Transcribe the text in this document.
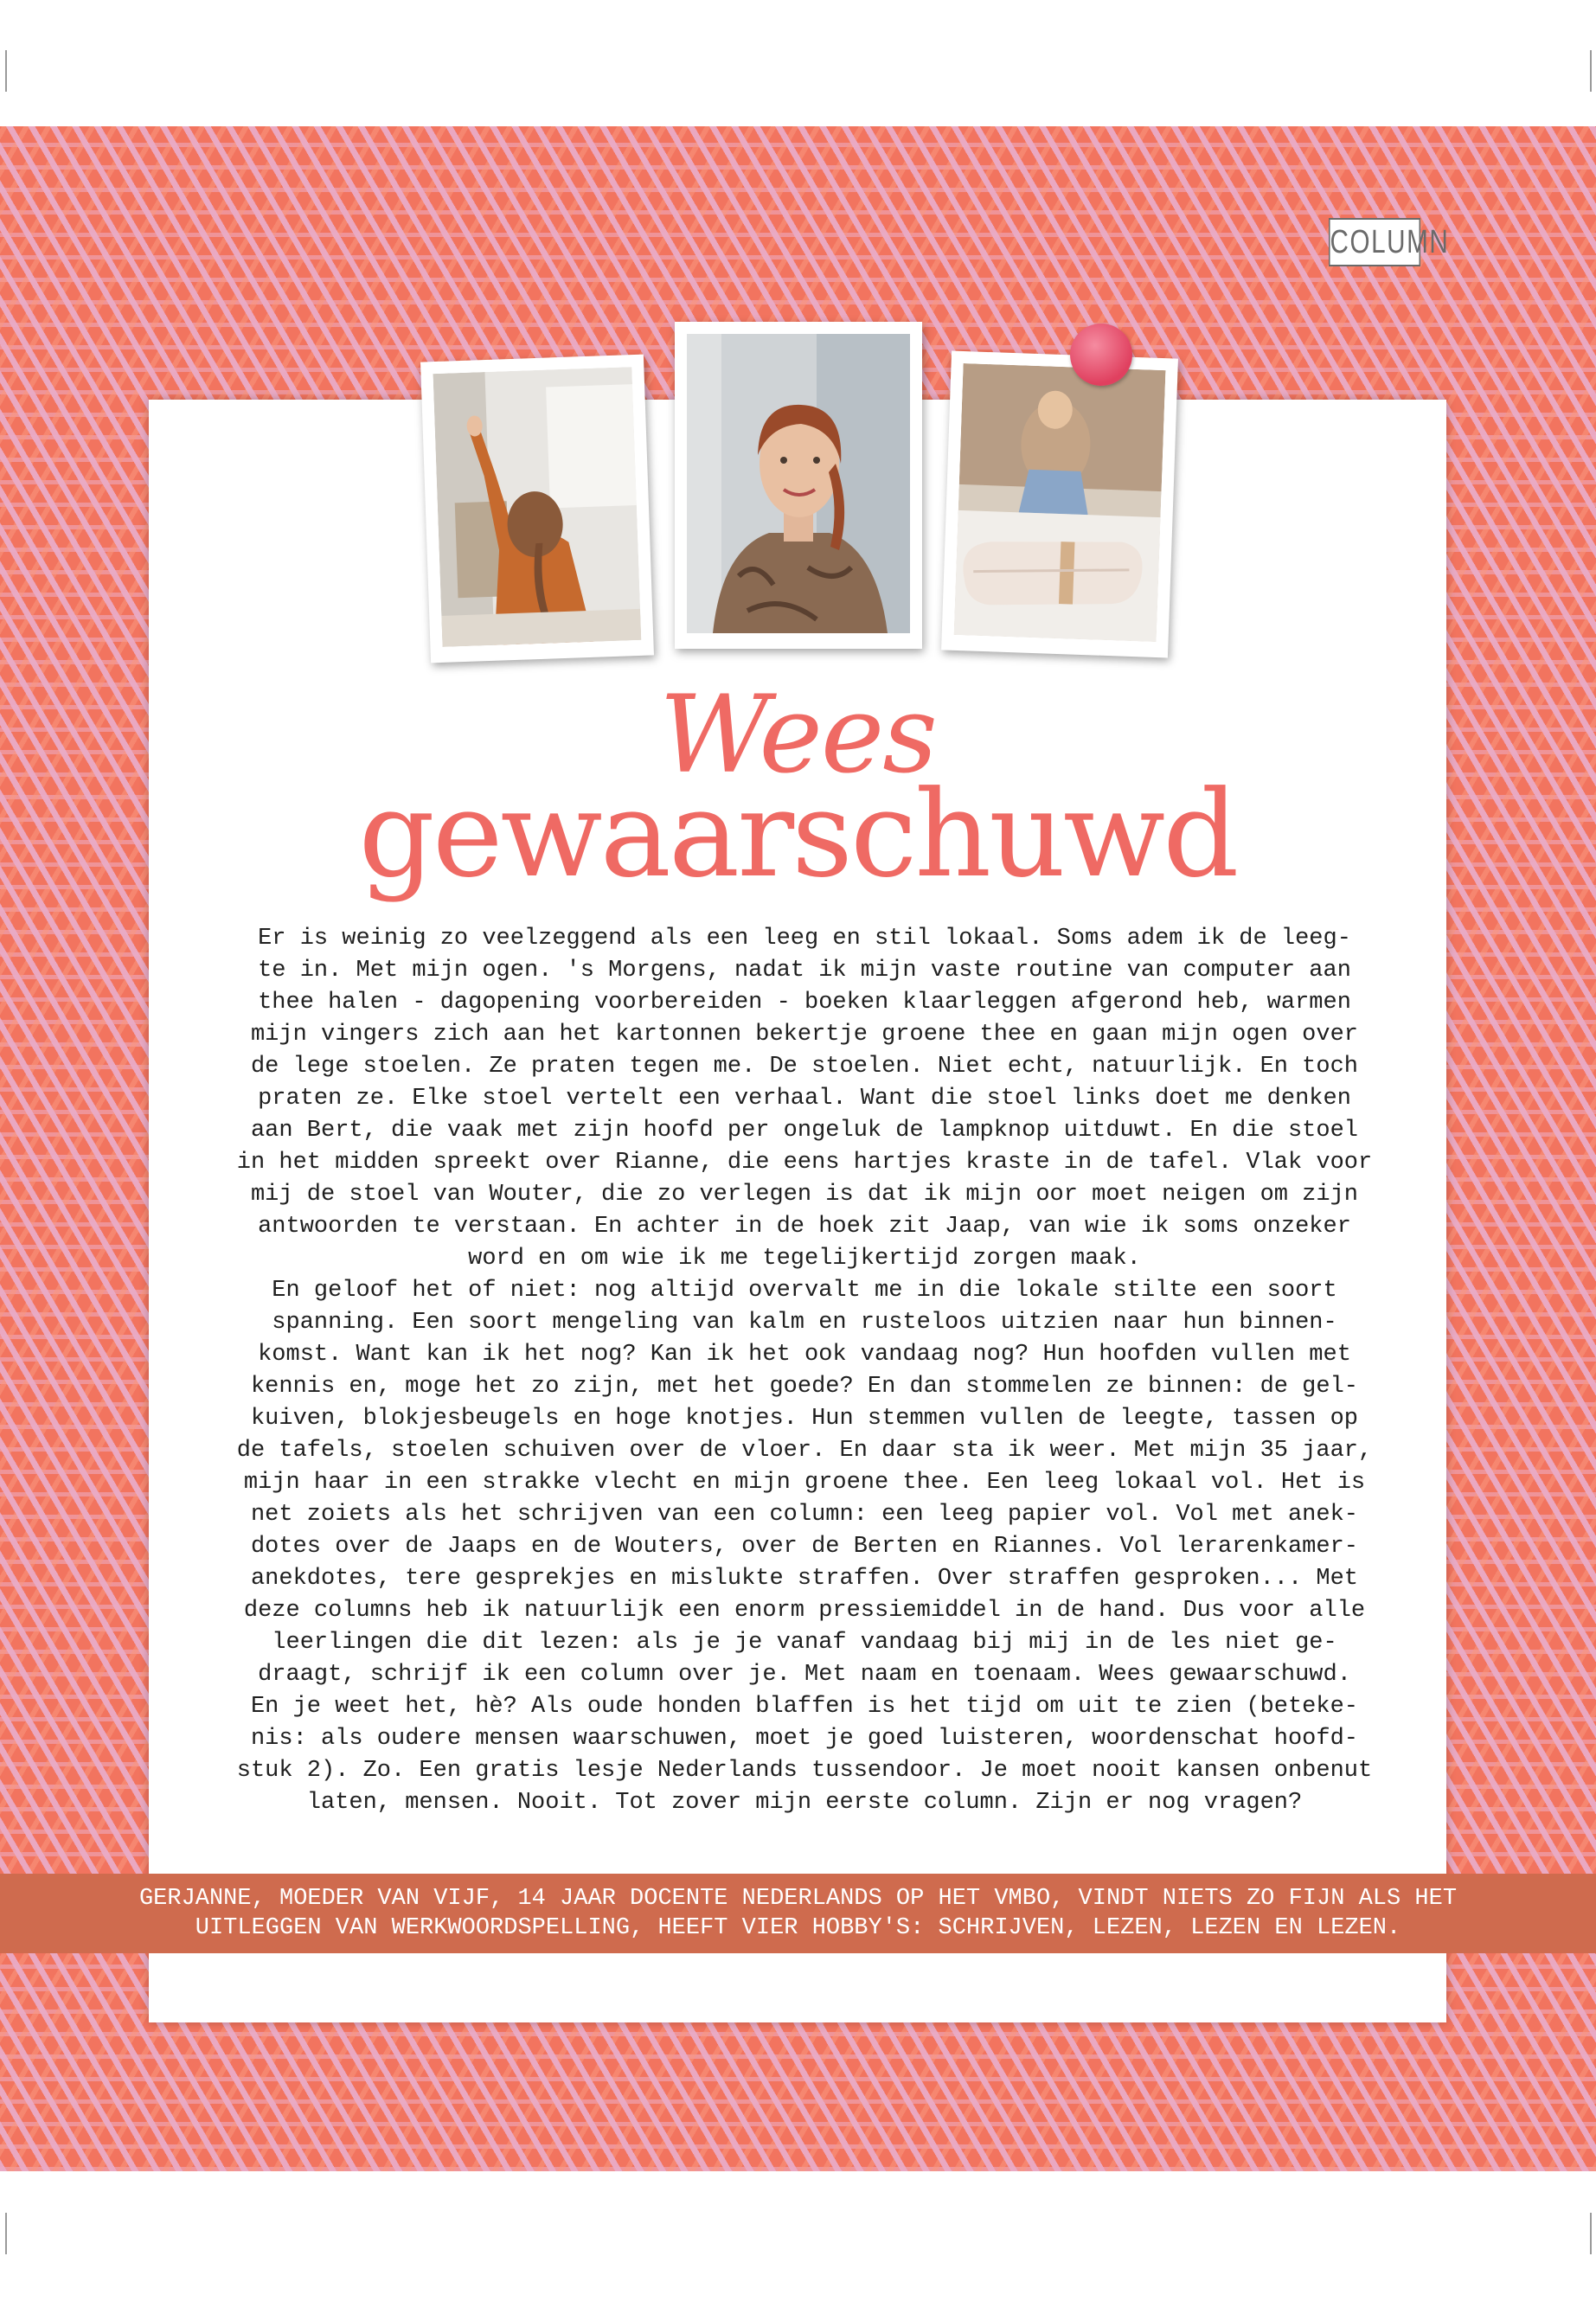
COLUMN
Wees
gewaarschuwd
Er is weinig zo veelzeggend als een leeg en stil lokaal. Soms adem ik de leeg-
te in. Met mijn ogen. 's Morgens, nadat ik mijn vaste routine van computer aan
thee halen - dagopening voorbereiden - boeken klaarleggen afgerond heb, warmen
mijn vingers zich aan het kartonnen bekertje groene thee en gaan mijn ogen over
de lege stoelen. Ze praten tegen me. De stoelen. Niet echt, natuurlijk. En toch
praten ze. Elke stoel vertelt een verhaal. Want die stoel links doet me denken
aan Bert, die vaak met zijn hoofd per ongeluk de lampknop uitduwt. En die stoel
in het midden spreekt over Rianne, die eens hartjes kraste in de tafel. Vlak voor
mij de stoel van Wouter, die zo verlegen is dat ik mijn oor moet neigen om zijn
antwoorden te verstaan. En achter in de hoek zit Jaap, van wie ik soms onzeker
word en om wie ik me tegelijkertijd zorgen maak.
En geloof het of niet: nog altijd overvalt me in die lokale stilte een soort
spanning. Een soort mengeling van kalm en rusteloos uitzien naar hun binnen-
komst. Want kan ik het nog? Kan ik het ook vandaag nog? Hun hoofden vullen met
kennis en, moge het zo zijn, met het goede? En dan stommelen ze binnen: de gel-
kuiven, blokjesbeugels en hoge knotjes. Hun stemmen vullen de leegte, tassen op
de tafels, stoelen schuiven over de vloer. En daar sta ik weer. Met mijn 35 jaar,
mijn haar in een strakke vlecht en mijn groene thee. Een leeg lokaal vol. Het is
net zoiets als het schrijven van een column: een leeg papier vol. Vol met anek-
dotes over de Jaaps en de Wouters, over de Berten en Riannes. Vol lerarenkamer-
anekdotes, tere gesprekjes en mislukte straffen. Over straffen gesproken... Met
deze columns heb ik natuurlijk een enorm pressiemiddel in de hand. Dus voor alle
leerlingen die dit lezen: als je je vanaf vandaag bij mij in de les niet ge-
draagt, schrijf ik een column over je. Met naam en toenaam. Wees gewaarschuwd.
En je weet het, hè? Als oude honden blaffen is het tijd om uit te zien (beteke-
nis: als oudere mensen waarschuwen, moet je goed luisteren, woordenschat hoofd-
stuk 2). Zo. Een gratis lesje Nederlands tussendoor. Je moet nooit kansen onbenut
laten, mensen. Nooit. Tot zover mijn eerste column. Zijn er nog vragen?
GERJANNE, MOEDER VAN VIJF, 14 JAAR DOCENTE NEDERLANDS OP HET VMBO, VINDT NIETS ZO FIJN ALS HET
UITLEGGEN VAN WERKWOORDSPELLING, HEEFT VIER HOBBY'S: SCHRIJVEN, LEZEN, LEZEN EN LEZEN.
